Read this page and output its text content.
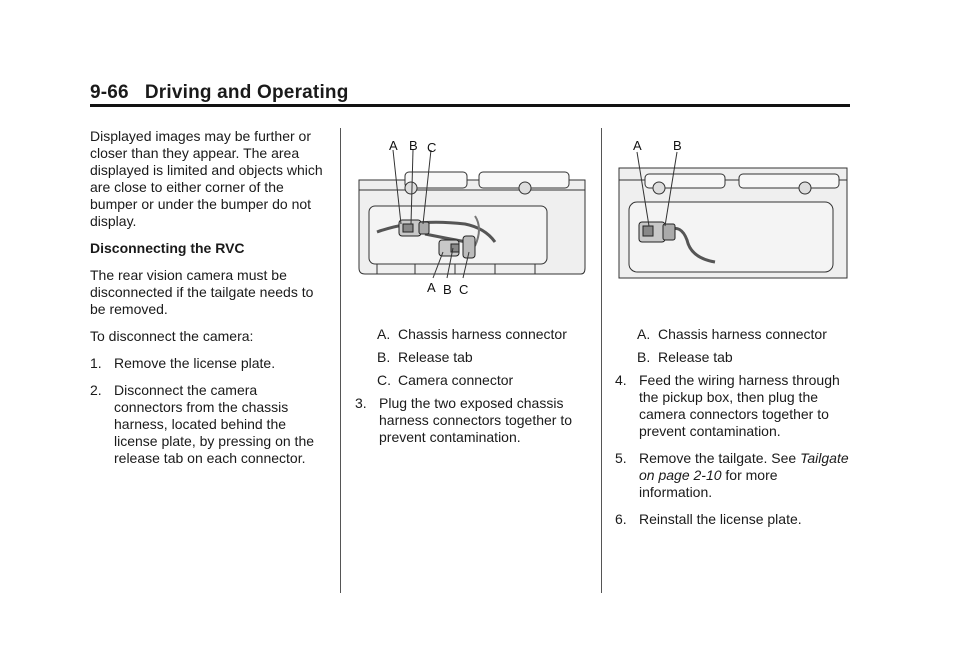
9-66 Driving and Operating

Displayed images may be further or closer than they appear. The area displayed is limited and objects which are close to either corner of the bumper or under the bumper do not display.

Disconnecting the RVC

The rear vision camera must be disconnected if the tailgate needs to be removed.

To disconnect the camera:

1. Remove the license plate.
2. Disconnect the camera connectors from the chassis harness, located behind the license plate, by pressing on the release tab on each connector.
A B C
A B C
A. Chassis harness connector
B. Release tab
C. Camera connector
3. Plug the two exposed chassis harness connectors together to prevent contamination.
A B
A. Chassis harness connector
B. Release tab
4. Feed the wiring harness through the pickup box, then plug the camera connectors together to prevent contamination.
5. Remove the tailgate. See Tailgate on page 2-10 for more information.
6. Reinstall the license plate.
